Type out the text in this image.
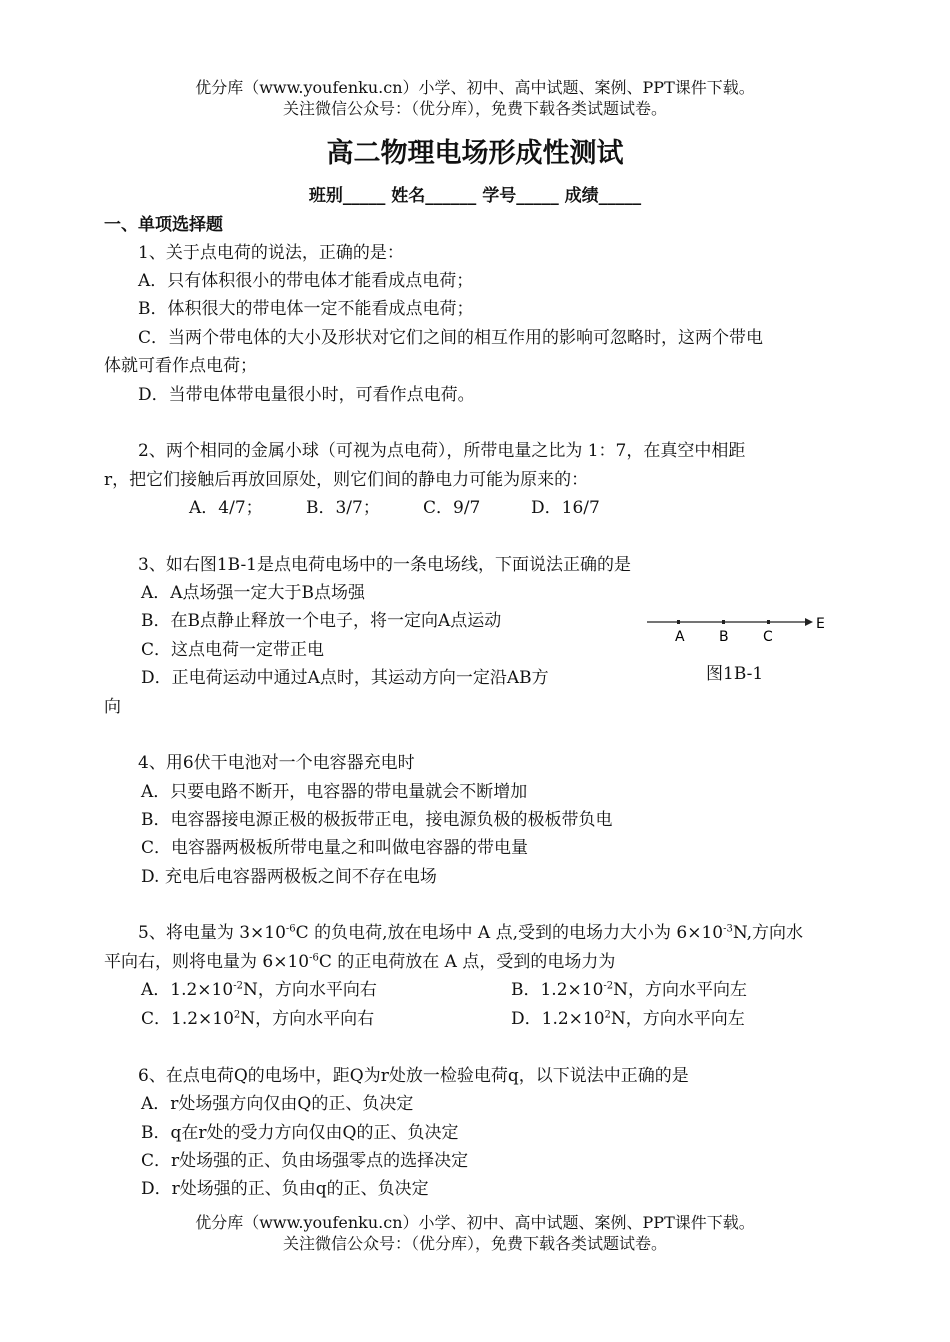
优分库（www.youfenku.cn）小学、初中、高中试题、案例、PPT课件下载。
关注微信公众号：（优分库），免费下载各类试题试卷。
高二物理电场形成性测试
班别_____ 姓名______ 学号_____ 成绩_____
一、单项选择题
1、关于点电荷的说法，正确的是：
A．只有体积很小的带电体才能看成点电荷；
B．体积很大的带电体一定不能看成点电荷；
C．当两个带电体的大小及形状对它们之间的相互作用的影响可忽略时，这两个带电
体就可看作点电荷；
D．当带电体带电量很小时，可看作点电荷。
2、两个相同的金属小球（可视为点电荷），所带电量之比为 1：7，在真空中相距
r，把它们接触后再放回原处，则它们间的静电力可能为原来的：
A．4/7；	B．3/7；	C．9/7	D．16/7
3、如右图1B-1是点电荷电场中的一条电场线，下面说法正确的是
A．A点场强一定大于B点场强
B．在B点静止释放一个电子，将一定向A点运动
C．这点电荷一定带正电
D．正电荷运动中通过A点时，其运动方向一定沿AB方
向
A B C
E
图1B-1
4、用6伏干电池对一个电容器充电时
A．只要电路不断开，电容器的带电量就会不断增加
B．电容器接电源正极的极扳带正电，接电源负极的极板带负电
C．电容器两极板所带电量之和叫做电容器的带电量
D. 充电后电容器两极板之间不存在电场
5、将电量为 $3\times 10^{-6}C$ 的负电荷,放在电场中 A 点,受到的电场力大小为 $6\times 10^{-3}N$,方向水
平向右，则将电量为 $6\times 10^{-6}C$ 的正电荷放在 A 点，受到的电场力为
A．$1.2\times 10^{-2}N$，方向水平向右	B．$1.2\times 10^{-2}N$，方向水平向左
C．$1.2\times 10^2N$，方向水平向右	D．$1.2\times 10^2N$，方向水平向左
6、在点电荷Q的电场中，距Q为r处放一检验电荷q，以下说法中正确的是
A．r处场强方向仅由Q的正、负决定
B．q在r处的受力方向仅由Q的正、负决定
C．r处场强的正、负由场强零点的选择决定
D．r处场强的正、负由q的正、负决定
优分库（www.youfenku.cn）小学、初中、高中试题、案例、PPT课件下载。
关注微信公众号：（优分库），免费下载各类试题试卷。
